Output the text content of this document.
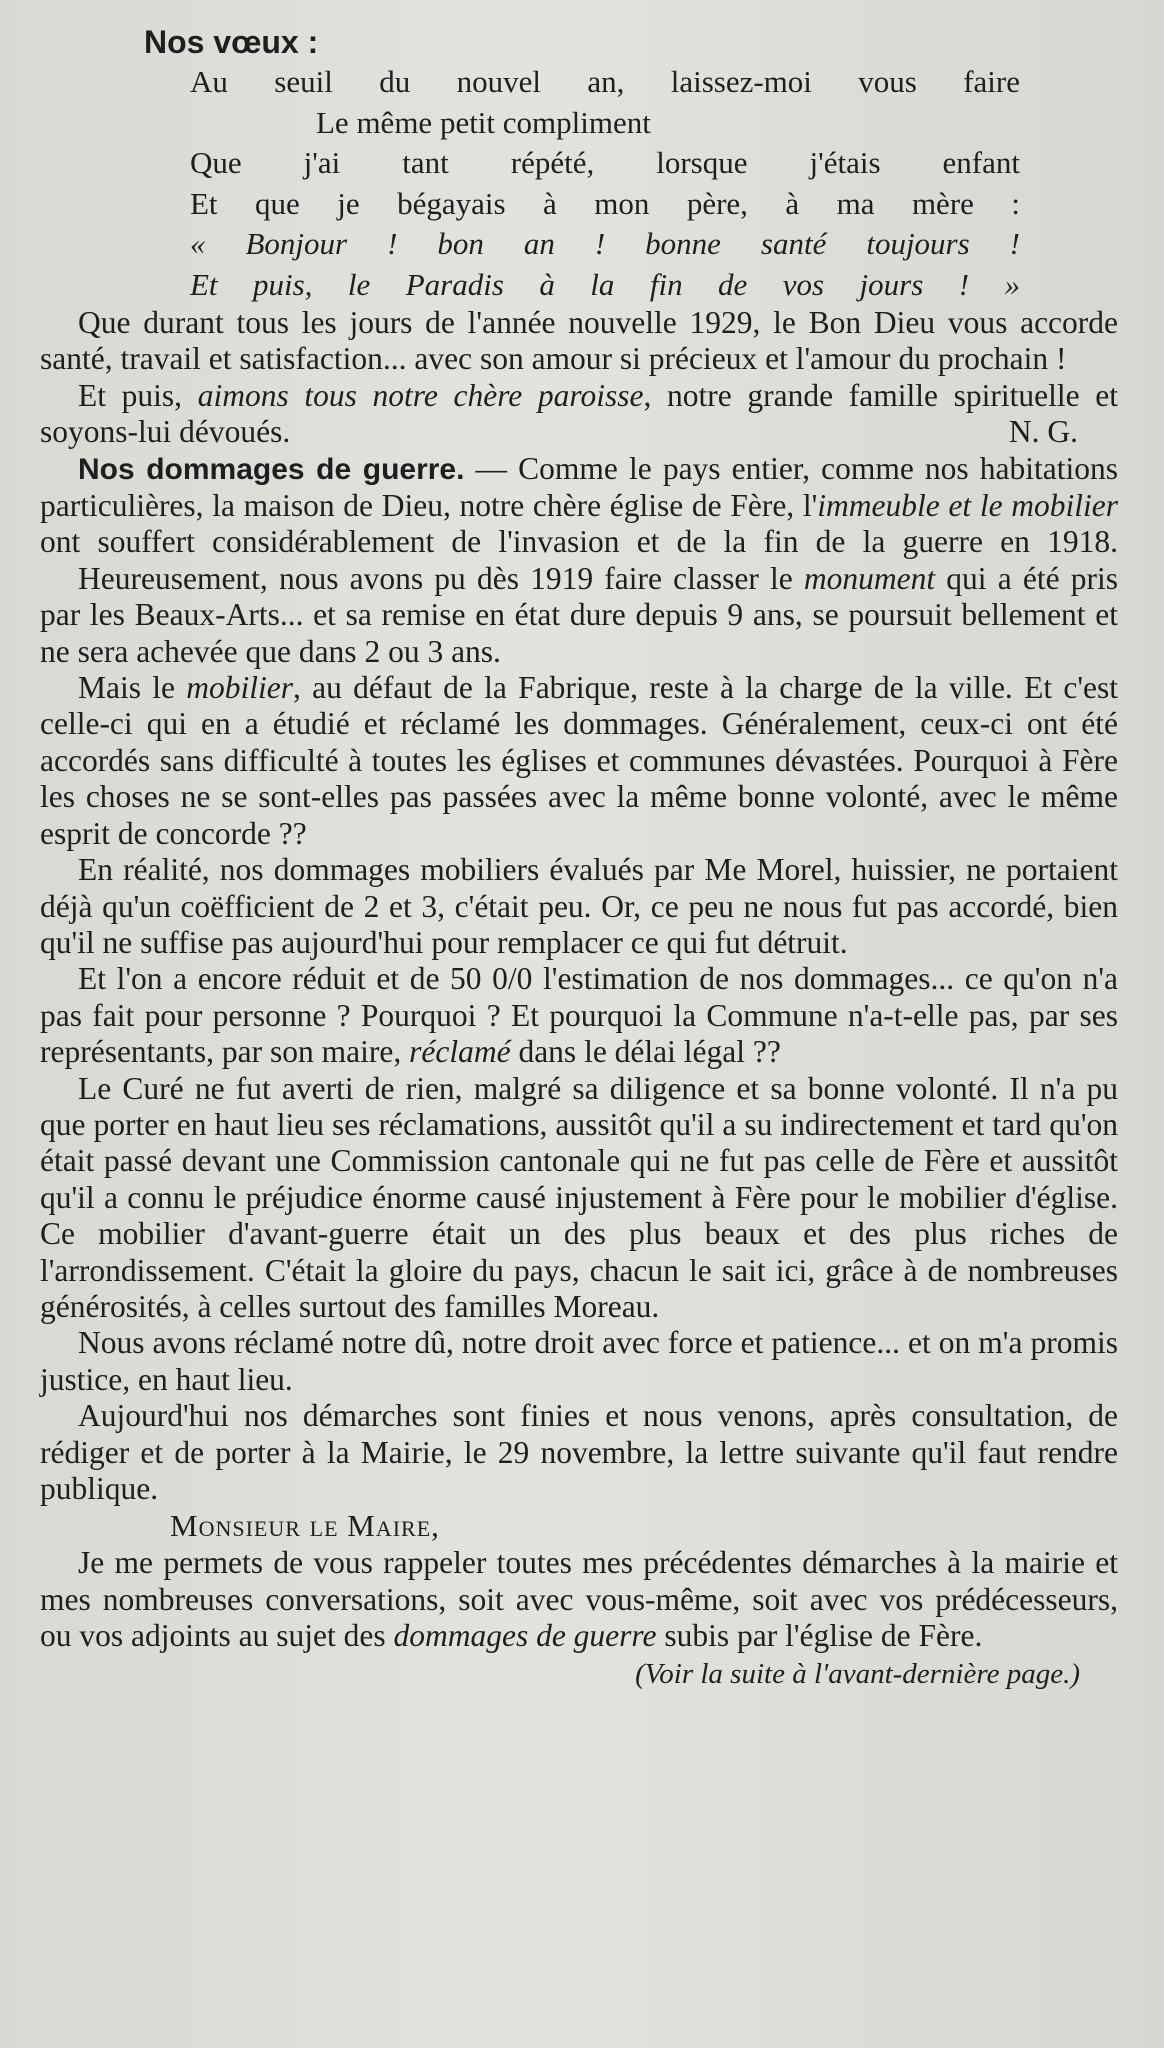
Nos vœux :
Au seuil du nouvel an, laissez-moi vous faire
Le même petit compliment
Que j'ai tant répété, lorsque j'étais enfant
Et que je bégayais à mon père, à ma mère :
« Bonjour ! bon an ! bonne santé toujours !
Et puis, le Paradis à la fin de vos jours ! »

Que durant tous les jours de l'année nouvelle 1929, le Bon Dieu vous accorde santé, travail et satisfaction... avec son amour si précieux et l'amour du prochain !

Et puis, aimons tous notre chère paroisse, notre grande famille spirituelle et soyons-lui dévoués.	N. G.

Nos dommages de guerre. — Comme le pays entier, comme nos habitations particulières, la maison de Dieu, notre chère église de Fère, l'immeuble et le mobilier ont souffert considérablement de l'invasion et de la fin de la guerre en 1918.

Heureusement, nous avons pu dès 1919 faire classer le monument qui a été pris par les Beaux-Arts... et sa remise en état dure depuis 9 ans, se poursuit bellement et ne sera achevée que dans 2 ou 3 ans.

Mais le mobilier, au défaut de la Fabrique, reste à la charge de la ville. Et c'est celle-ci qui en a étudié et réclamé les dommages. Généralement, ceux-ci ont été accordés sans difficulté à toutes les églises et communes dévastées. Pourquoi à Fère les choses ne se sont-elles pas passées avec la même bonne volonté, avec le même esprit de concorde ??

En réalité, nos dommages mobiliers évalués par Me Morel, huissier, ne portaient déjà qu'un coëfficient de 2 et 3, c'était peu. Or, ce peu ne nous fut pas accordé, bien qu'il ne suffise pas aujourd'hui pour remplacer ce qui fut détruit.

Et l'on a encore réduit et de 50 0/0 l'estimation de nos dommages... ce qu'on n'a pas fait pour personne ? Pourquoi ? Et pourquoi la Commune n'a-t-elle pas, par ses représentants, par son maire, réclamé dans le délai légal ??

Le Curé ne fut averti de rien, malgré sa diligence et sa bonne volonté. Il n'a pu que porter en haut lieu ses réclamations, aussitôt qu'il a su indirectement et tard qu'on était passé devant une Commission cantonale qui ne fut pas celle de Fère et aussitôt qu'il a connu le préjudice énorme causé injustement à Fère pour le mobilier d'église. Ce mobilier d'avant-guerre était un des plus beaux et des plus riches de l'arrondissement. C'était la gloire du pays, chacun le sait ici, grâce à de nombreuses générosités, à celles surtout des familles Moreau.

Nous avons réclamé notre dû, notre droit avec force et patience... et on m'a promis justice, en haut lieu.

Aujourd'hui nos démarches sont finies et nous venons, après consultation, de rédiger et de porter à la Mairie, le 29 novembre, la lettre suivante qu'il faut rendre publique.

Monsieur le Maire,

Je me permets de vous rappeler toutes mes précédentes démarches à la mairie et mes nombreuses conversations, soit avec vous-même, soit avec vos prédécesseurs, ou vos adjoints au sujet des dommages de guerre subis par l'église de Fère.

(Voir la suite à l'avant-dernière page.)
